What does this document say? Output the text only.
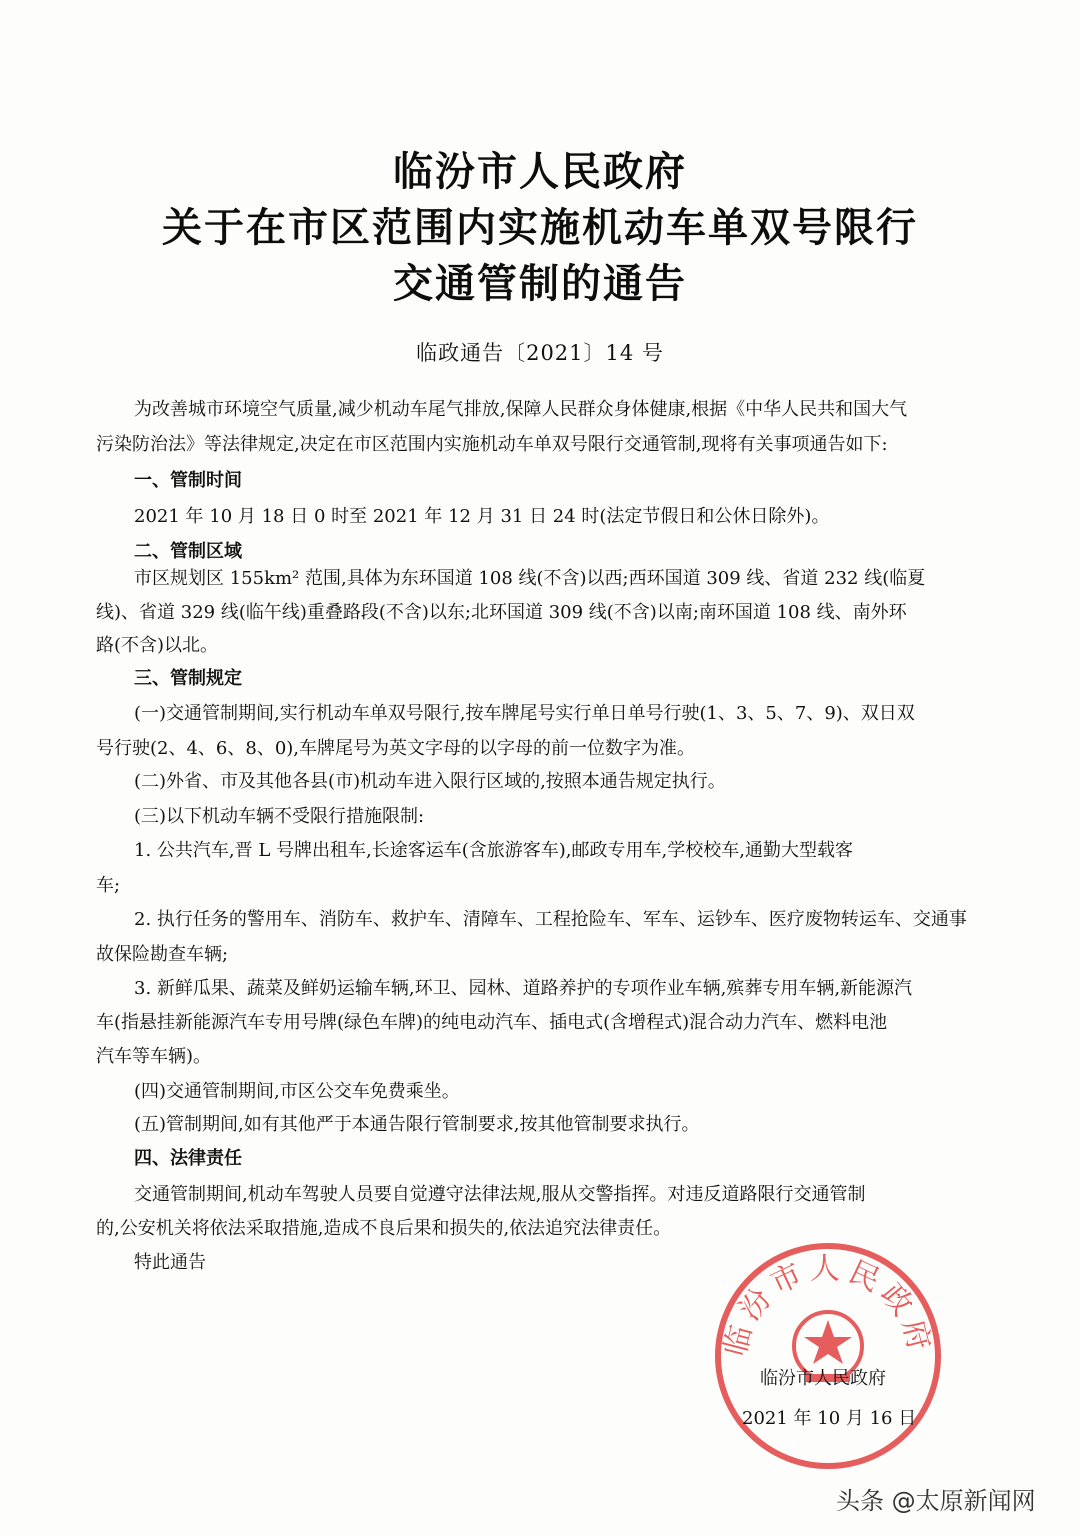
临汾市人民政府
关于在市区范围内实施机动车单双号限行
交通管制的通告
临政通告〔2021〕14 号
为改善城市环境空气质量,减少机动车尾气排放,保障人民群众身体健康,根据《中华人民共和国大气
污染防治法》等法律规定,决定在市区范围内实施机动车单双号限行交通管制,现将有关事项通告如下:
一、管制时间
2021 年 10 月 18 日 0 时至 2021 年 12 月 31 日 24 时(法定节假日和公休日除外)。
二、管制区域
市区规划区 155km² 范围,具体为东环国道 108 线(不含)以西;西环国道 309 线、省道 232 线(临夏
线)、省道 329 线(临午线)重叠路段(不含)以东;北环国道 309 线(不含)以南;南环国道 108 线、南外环
路(不含)以北。
三、管制规定
(一)交通管制期间,实行机动车单双号限行,按车牌尾号实行单日单号行驶(1、3、5、7、9)、双日双
号行驶(2、4、6、8、0),车牌尾号为英文字母的以字母的前一位数字为准。
(二)外省、市及其他各县(市)机动车进入限行区域的,按照本通告规定执行。
(三)以下机动车辆不受限行措施限制:
1. 公共汽车,晋 L 号牌出租车,长途客运车(含旅游客车),邮政专用车,学校校车,通勤大型载客
车;
2. 执行任务的警用车、消防车、救护车、清障车、工程抢险车、军车、运钞车、医疗废物转运车、交通事
故保险勘查车辆;
3. 新鲜瓜果、蔬菜及鲜奶运输车辆,环卫、园林、道路养护的专项作业车辆,殡葬专用车辆,新能源汽
车(指悬挂新能源汽车专用号牌(绿色车牌)的纯电动汽车、插电式(含增程式)混合动力汽车、燃料电池
汽车等车辆)。
(四)交通管制期间,市区公交车免费乘坐。
(五)管制期间,如有其他严于本通告限行管制要求,按其他管制要求执行。
四、法律责任
交通管制期间,机动车驾驶人员要自觉遵守法律法规,服从交警指挥。对违反道路限行交通管制
的,公安机关将依法采取措施,造成不良后果和损失的,依法追究法律责任。
特此通告
临汾市人民政府
临汾市人民政府
2021 年 10 月 16 日
头条 @太原新闻网
